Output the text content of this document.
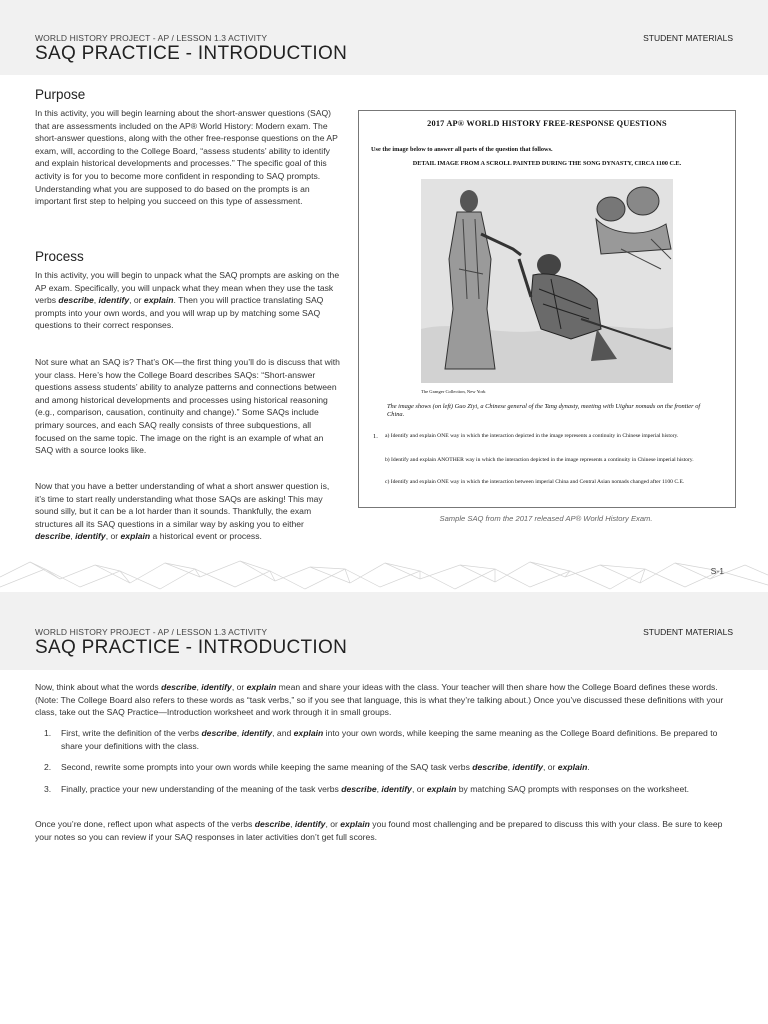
WORLD HISTORY PROJECT - AP / LESSON 1.3 ACTIVITY	STUDENT MATERIALS
SAQ PRACTICE - INTRODUCTION
Purpose

In this activity, you will begin learning about the short-answer questions (SAQ) that are assessments included on the AP® World History: Modern exam. The short-answer questions, along with the other free-response questions on the AP exam, will, according to the College Board, “assess students’ ability to identify and explain historical developments and processes.” The specific goal of this activity is for you to become more confident in responding to SAQ prompts. Understanding what you are supposed to do based on the prompts is an important first step to helping you succeed on this type of assessment.

Process

In this activity, you will begin to unpack what the SAQ prompts are asking on the AP exam. Specifically, you will unpack what they mean when they use the task verbs describe, identify, or explain. Then you will practice translating SAQ prompts into your own words, and you will wrap up by matching some SAQ questions to their correct responses.

Not sure what an SAQ is? That’s OK—the first thing you’ll do is discuss that with your class. Here’s how the College Board describes SAQs: “Short-answer questions assess students’ ability to analyze patterns and connections between and among historical developments and processes using historical reasoning (e.g., comparison, causation, continuity and change).” Some SAQs include primary sources, and each SAQ really consists of three subquestions, all focused on the same topic. The image on the right is an example of what an SAQ with a source looks like.

Now that you have a better understanding of what a short answer question is, it’s time to start really understanding what those SAQs are asking! This may sound silly, but it can be a lot harder than it sounds. Thankfully, the exam structures all its SAQ questions in a similar way by asking you to either describe, identify, or explain a historical event or process.

2017 AP® WORLD HISTORY FREE-RESPONSE QUESTIONS
Use the image below to answer all parts of the question that follows.
DETAIL IMAGE FROM A SCROLL PAINTED DURING THE SONG DYNASTY, CIRCA 1100 C.E.
The Granger Collection, New York
The image shows (on left) Guo Ziyi, a Chinese general of the Tang dynasty, meeting with Uighur nomads on the frontier of China.
1. a) Identify and explain ONE way in which the interaction depicted in the image represents a continuity in Chinese imperial history.
b) Identify and explain ANOTHER way in which the interaction depicted in the image represents a continuity in Chinese imperial history.
c) Identify and explain ONE way in which the interaction between imperial China and Central Asian nomads changed after 1100 C.E.
Sample SAQ from the 2017 released AP® World History Exam.
S-1
WORLD HISTORY PROJECT - AP / LESSON 1.3 ACTIVITY	STUDENT MATERIALS
SAQ PRACTICE - INTRODUCTION

Now, think about what the words describe, identify, or explain mean and share your ideas with the class. Your teacher will then share how the College Board defines these words. (Note: The College Board also refers to these words as “task verbs,” so if you see that language, this is what they’re talking about.) Once you’ve discussed these definitions with your class, take out the SAQ Practice—Introduction worksheet and work through it in small groups.

1. First, write the definition of the verbs describe, identify, and explain into your own words, while keeping the same meaning as the College Board definitions. Be prepared to share your definitions with the class.
2. Second, rewrite some prompts into your own words while keeping the same meaning of the SAQ task verbs describe, identify, or explain.
3. Finally, practice your new understanding of the meaning of the task verbs describe, identify, or explain by matching SAQ prompts with responses on the worksheet.

Once you’re done, reflect upon what aspects of the verbs describe, identify, or explain you found most challenging and be prepared to discuss this with your class. Be sure to keep your notes so you can review if your SAQ responses in later activities don’t get full scores.
